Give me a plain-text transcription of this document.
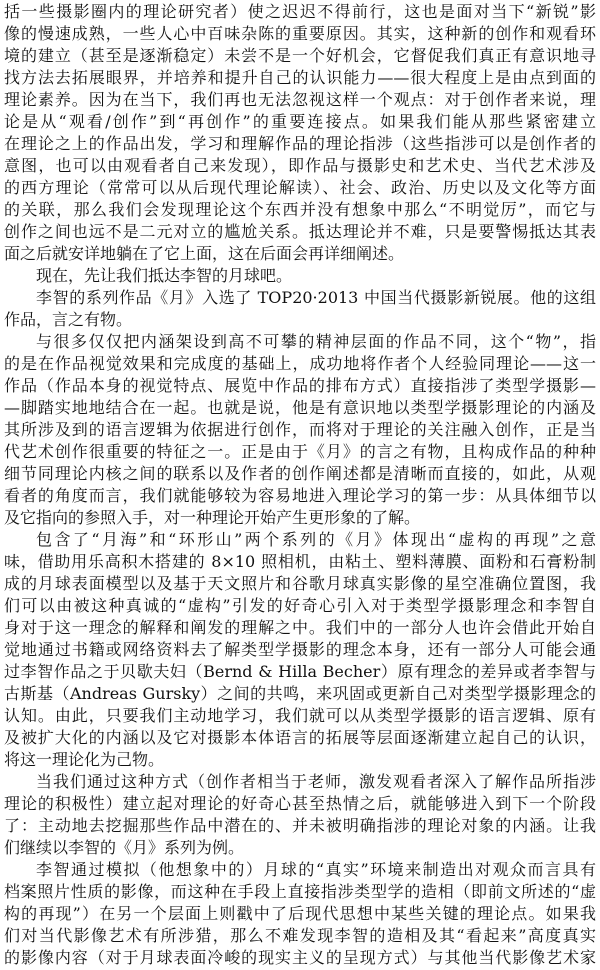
括一些摄影圈内的理论研究者）使之迟迟不得前行，这也是面对当下“新锐”影
像的慢速成熟，一些人心中百味杂陈的重要原因。其实，这种新的创作和观看环
境的建立（甚至是逐渐稳定）未尝不是一个好机会，它督促我们真正有意识地寻
找方法去拓展眼界，并培养和提升自己的认识能力——很大程度上是由点到面的
理论素养。因为在当下，我们再也无法忽视这样一个观点：对于创作者来说，理
论是从“观看/创作”到“再创作”的重要连接点。如果我们能从那些紧密建立
在理论之上的作品出发，学习和理解作品的理论指涉（这些指涉可以是创作者的
意图，也可以由观看者自己来发现），即作品与摄影史和艺术史、当代艺术涉及
的西方理论（常常可以从后现代理论解读）、社会、政治、历史以及文化等方面
的关联，那么我们会发现理论这个东西并没有想象中那么“不明觉厉”，而它与
创作之间也远不是二元对立的尴尬关系。抵达理论并不难，只是要警惕抵达其表
面之后就安详地躺在了它上面，这在后面会再详细阐述。
现在，先让我们抵达李智的月球吧。
李智的系列作品《月》入选了 TOP20·2013 中国当代摄影新锐展。他的这组
作品，言之有物。
与很多仅仅把内涵架设到高不可攀的精神层面的作品不同，这个“物”，指
的是在作品视觉效果和完成度的基础上，成功地将作者个人经验同理论——这一
作品（作品本身的视觉特点、展览中作品的排布方式）直接指涉了类型学摄影—
—脚踏实地地结合在一起。也就是说，他是有意识地以类型学摄影理论的内涵及
其所涉及到的语言逻辑为依据进行创作，而将对于理论的关注融入创作，正是当
代艺术创作很重要的特征之一。正是由于《月》的言之有物，且构成作品的种种
细节同理论内核之间的联系以及作者的创作阐述都是清晰而直接的，如此，从观
看者的角度而言，我们就能够较为容易地进入理论学习的第一步：从具体细节以
及它指向的参照入手，对一种理论开始产生更形象的了解。
包含了“月海”和“环形山”两个系列的《月》体现出“虚构的再现”之意
味，借助用乐高积木搭建的 8×10 照相机，由粘土、塑料薄膜、面粉和石膏粉制
成的月球表面模型以及基于天文照片和谷歌月球真实影像的星空准确位置图，我
们可以由被这种真诚的“虚构”引发的好奇心引入对于类型学摄影理念和李智自
身对于这一理念的解释和阐发的理解之中。我们中的一部分人也许会借此开始自
觉地通过书籍或网络资料去了解类型学摄影的理念本身，还有一部分人可能会通
过李智作品之于贝歇夫妇（Bernd & Hilla Becher）原有理念的差异或者李智与
古斯基（Andreas Gursky）之间的共鸣，来巩固或更新自己对类型学摄影理念的
认知。由此，只要我们主动地学习，我们就可以从类型学摄影的语言逻辑、原有
及被扩大化的内涵以及它对摄影本体语言的拓展等层面逐渐建立起自己的认识，
将这一理论化为己物。
当我们通过这种方式（创作者相当于老师，激发观看者深入了解作品所指涉
理论的积极性）建立起对理论的好奇心甚至热情之后，就能够进入到下一个阶段
了：主动地去挖掘那些作品中潜在的、并未被明确指涉的理论对象的内涵。让我
们继续以李智的《月》系列为例。
李智通过模拟（他想象中的）月球的“真实”环境来制造出对观众而言具有
档案照片性质的影像，而这种在手段上直接指涉类型学的造相（即前文所述的“虚
构的再现”）在另一个层面上则戳中了后现代思想中某些关键的理论点。如果我
们对当代影像艺术有所涉猎，那么不难发现李智的造相及其“看起来”高度真实
的影像内容（对于月球表面冷峻的现实主义的呈现方式）与其他当代影像艺术家
